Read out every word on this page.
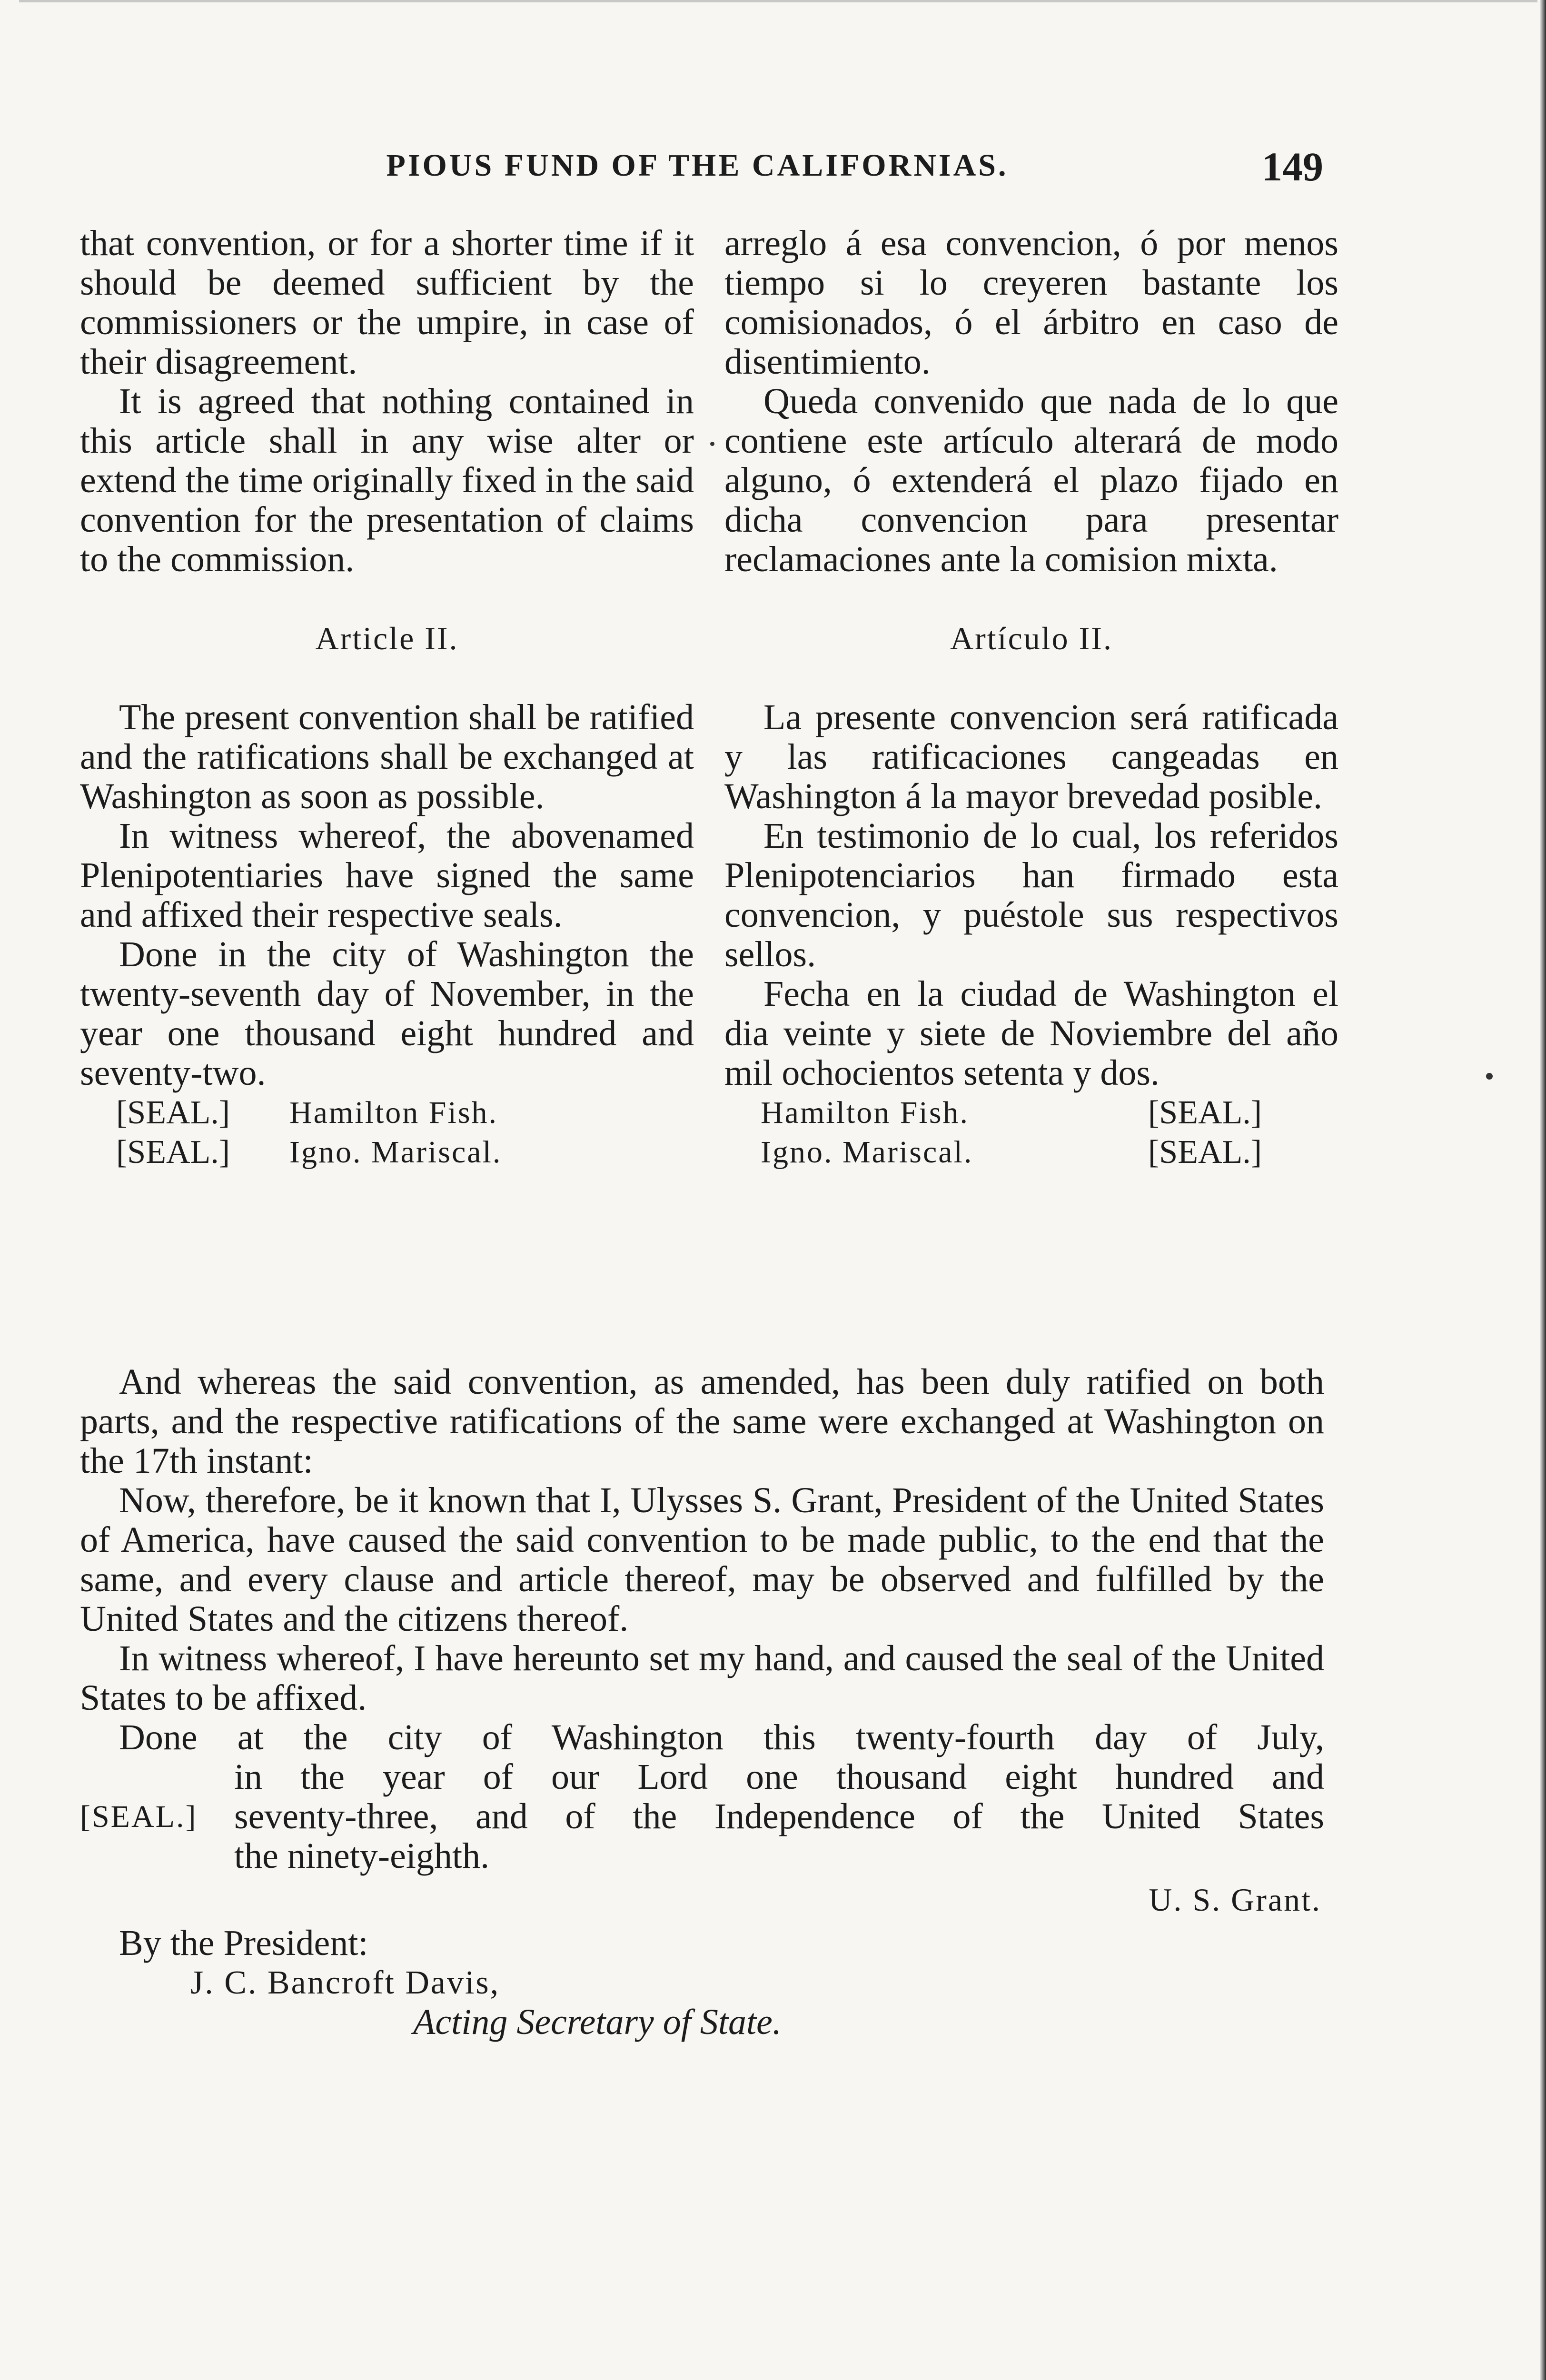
PIOUS FUND OF THE CALIFORNIAS.	149

that convention, or for a shorter time if it should be deemed sufficient by the commissioners or the umpire, in case of their disagreement.

It is agreed that nothing contained in this article shall in any wise alter or extend the time originally fixed in the said convention for the presentation of claims to the commission.

Article II.

The present convention shall be ratified and the ratifications shall be exchanged at Washington as soon as possible.

In witness whereof, the abovenamed Plenipotentiaries have signed the same and affixed their respective seals.

Done in the city of Washington the twenty-seventh day of November, in the year one thousand eight hundred and seventy-two.

[SEAL.]	Hamilton Fish.
[SEAL.]	Igno. Mariscal.

arreglo á esa convencion, ó por menos tiempo si lo creyeren bastante los comisionados, ó el árbitro en caso de disentimiento.

Queda convenido que nada de lo que contiene este artículo alterará de modo alguno, ó extenderá el plazo fijado en dicha convencion para presentar reclamaciones ante la comision mixta.

Artículo II.

La presente convencion será ratificada y las ratificaciones cangeadas en Washington á la mayor brevedad posible.

En testimonio de lo cual, los referidos Plenipotenciarios han firmado esta convencion, y puéstole sus respectivos sellos.

Fecha en la ciudad de Washington el dia veinte y siete de Noviembre del año mil ochocientos setenta y dos.

Hamilton Fish.	[SEAL.]
Igno. Mariscal.	[SEAL.]

And whereas the said convention, as amended, has been duly ratified on both parts, and the respective ratifications of the same were exchanged at Washington on the 17th instant:

Now, therefore, be it known that I, Ulysses S. Grant, President of the United States of America, have caused the said convention to be made public, to the end that the same, and every clause and article thereof, may be observed and fulfilled by the United States and the citizens thereof.

In witness whereof, I have hereunto set my hand, and caused the seal of the United States to be affixed.

Done at the city of Washington this twenty-fourth day of July,
in the year of our Lord one thousand eight hundred and
seventy-three, and of the Independence of the United States
the ninety-eighth.
[SEAL.]
U. S. Grant.
By the President:
J. C. Bancroft Davis,
Acting Secretary of State.
